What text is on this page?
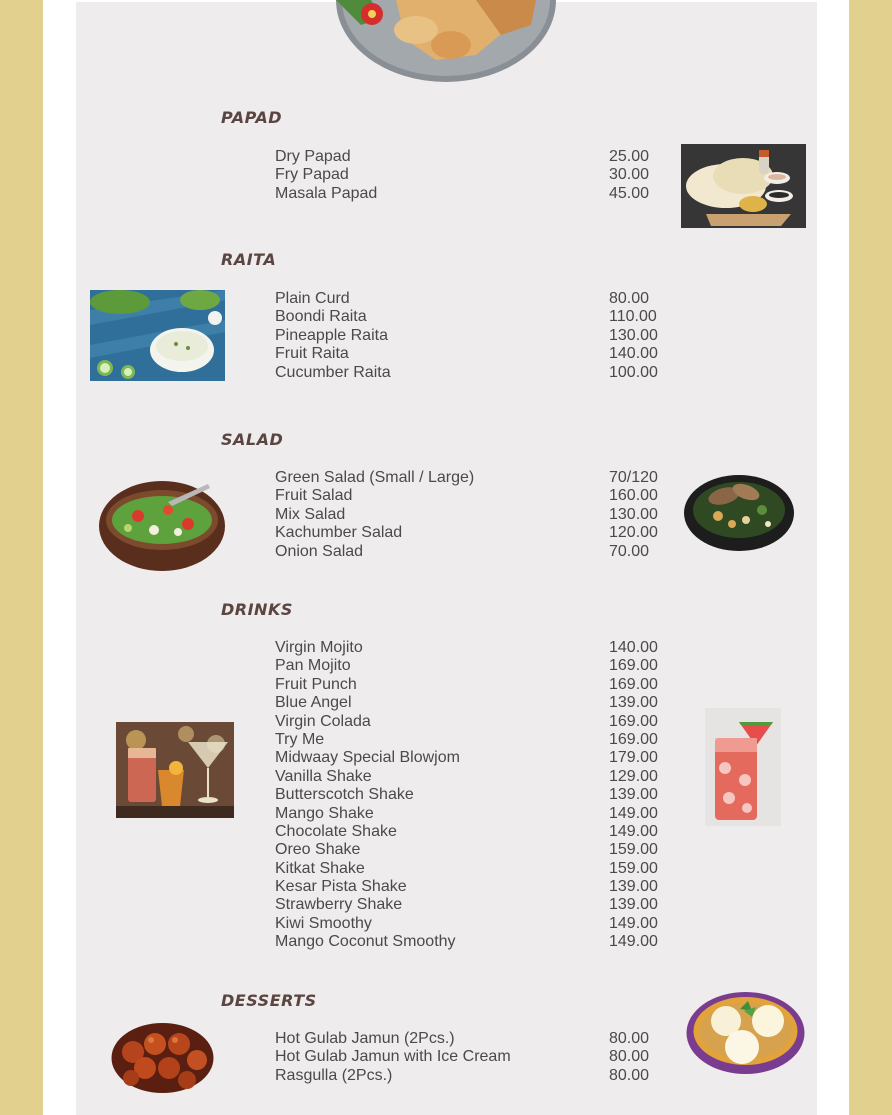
PAPAD
Dry Papad	25.00
Fry Papad	30.00
Masala Papad	45.00
RAITA
Plain Curd	80.00
Boondi Raita	110.00
Pineapple Raita	130.00
Fruit Raita	140.00
Cucumber Raita	100.00
SALAD
Green Salad (Small / Large)	70/120
Fruit Salad	160.00
Mix Salad	130.00
Kachumber Salad	120.00
Onion Salad	70.00
DRINKS
Virgin Mojito	140.00
Pan Mojito	169.00
Fruit Punch	169.00
Blue Angel	139.00
Virgin Colada	169.00
Try Me	169.00
Midwaay Special Blowjom	179.00
Vanilla Shake	129.00
Butterscotch Shake	139.00
Mango Shake	149.00
Chocolate Shake	149.00
Oreo Shake	159.00
Kitkat Shake	159.00
Kesar Pista Shake	139.00
Strawberry Shake	139.00
Kiwi Smoothy	149.00
Mango Coconut Smoothy	149.00
DESSERTS
Hot Gulab Jamun (2Pcs.)	80.00
Hot Gulab Jamun with Ice Cream	80.00
Rasgulla (2Pcs.)	80.00
